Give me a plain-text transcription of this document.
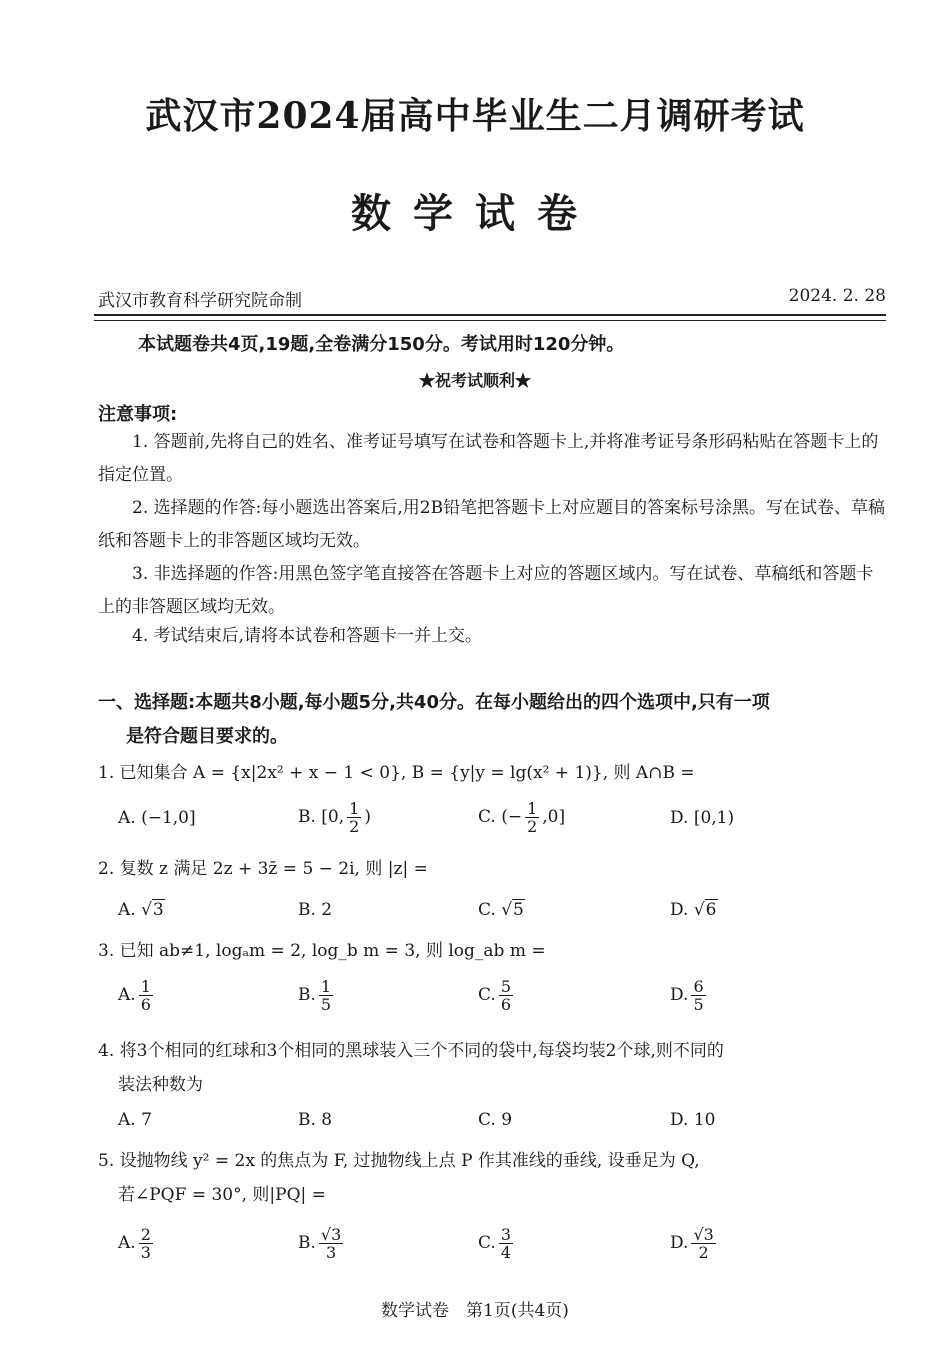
武汉市2024届高中毕业生二月调研考试
数学试卷
武汉市教育科学研究院命制	2024. 2. 28
本试题卷共4页,19题,全卷满分150分。考试用时120分钟。
★祝考试顺利★
注意事项:
1. 答题前,先将自己的姓名、准考证号填写在试卷和答题卡上,并将准考证号条形码粘贴在答题卡上的指定位置。
2. 选择题的作答:每小题选出答案后,用2B铅笔把答题卡上对应题目的答案标号涂黑。写在试卷、草稿纸和答题卡上的非答题区域均无效。
3. 非选择题的作答:用黑色签字笔直接答在答题卡上对应的答题区域内。写在试卷、草稿纸和答题卡上的非答题区域均无效。
4. 考试结束后,请将本试卷和答题卡一并上交。
一、选择题:本题共8小题,每小题5分,共40分。在每小题给出的四个选项中,只有一项
是符合题目要求的。
1. 已知集合 A = {x|2x² + x − 1 < 0}, B = {y|y = lg(x² + 1)}, 则 A∩B =
A. (−1,0]	B. [0, $\frac{1}{2}$ )	C. (− $\frac{1}{2} ,0$]	D. [0,1)
2. 复数 z 满足 2z + 3z̄ = 5 − 2i, 则 |z| =
A. √3	B. 2	C. √5	D. √6
3. 已知 ab≠1, logₐm = 2, log_b m = 3, 则 log_ab m =
A. $\frac{1}{6}$	B. $\frac{1}{5}$	C. $\frac{5}{6}$	D. $\frac{6}{5}$
4. 将3个相同的红球和3个相同的黑球装入三个不同的袋中,每袋均装2个球,则不同的
装法种数为
A. 7	B. 8	C. 9	D. 10
5. 设抛物线 y² = 2x 的焦点为 F, 过抛物线上点 P 作其准线的垂线, 设垂足为 Q,
若∠PQF = 30°, 则|PQ| =
A. $\frac{2}{3}$	B. $\frac{√3}{3}$	C. $\frac{3}{4}$	D. $\frac{√3}{2}$
数学试卷　第1页(共4页)
